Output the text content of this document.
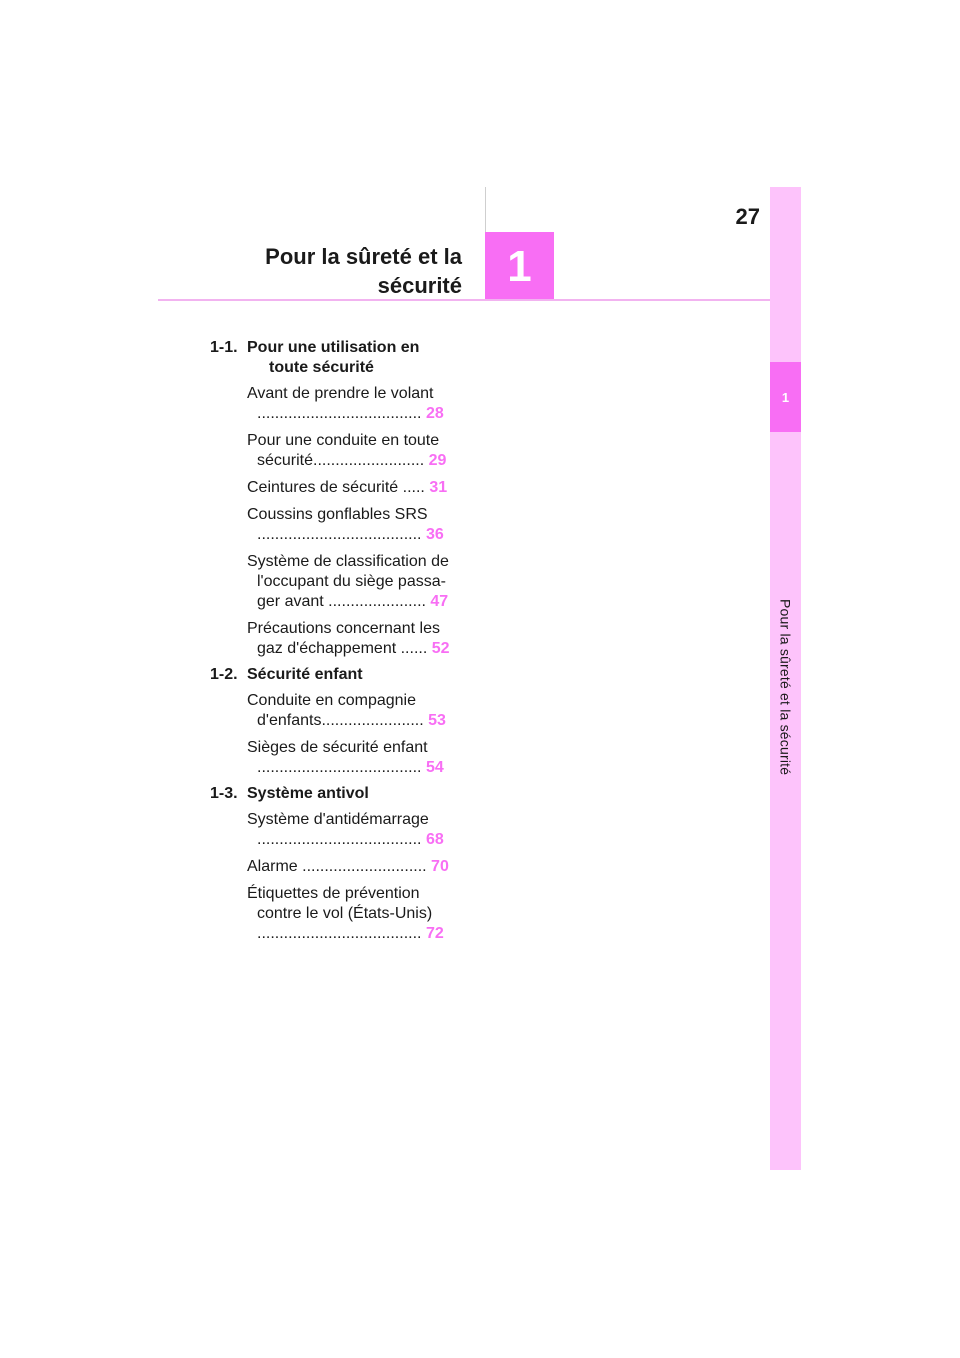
27
Pour la sûreté et la
sécurité 1
1
Pour la sûreté et la sécurité
1-1. Pour une utilisation en
toute sécurité
Avant de prendre le volant
..................................... 28
Pour une conduite en toute
sécurité......................... 29
Ceintures de sécurité ..... 31
Coussins gonflables SRS
..................................... 36
Système de classification de
l'occupant du siège passa-
ger avant ...................... 47
Précautions concernant les
gaz d'échappement ...... 52
1-2. Sécurité enfant
Conduite en compagnie
d'enfants....................... 53
Sièges de sécurité enfant
..................................... 54
1-3. Système antivol
Système d'antidémarrage
..................................... 68
Alarme ............................ 70
Étiquettes de prévention
contre le vol (États-Unis)
..................................... 72
